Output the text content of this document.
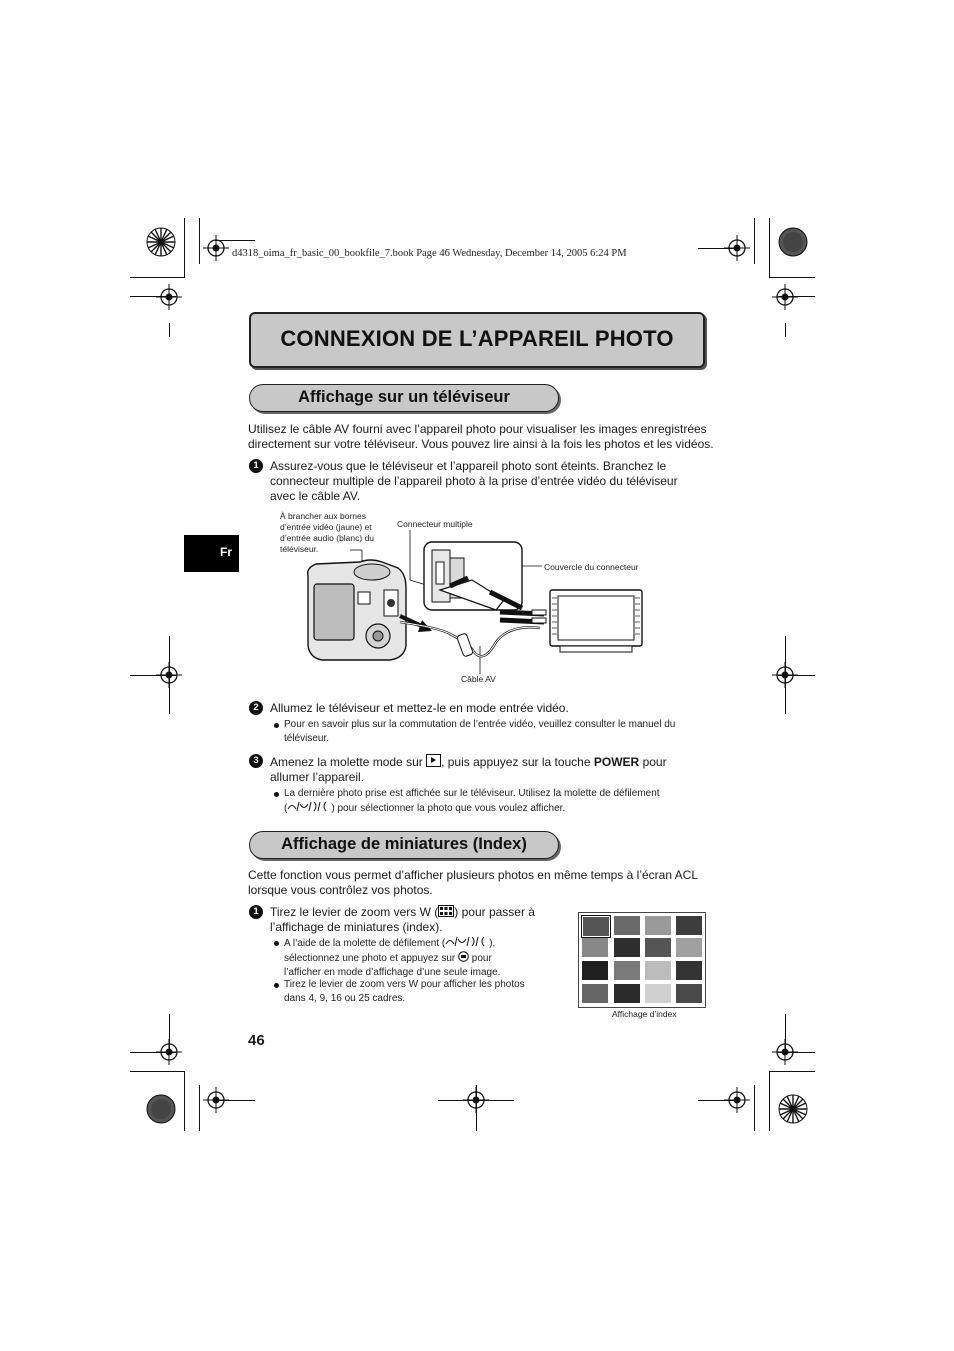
d4318_oima_fr_basic_00_bookfile_7.book Page 46 Wednesday, December 14, 2005 6:24 PM
CONNEXION DE L’APPAREIL PHOTO
Fr
Affichage sur un téléviseur
Utilisez le câble AV fourni avec l’appareil photo pour visualiser les images enregistrées
directement sur votre téléviseur. Vous pouvez lire ainsi à la fois les photos et les vidéos.
1 Assurez-vous que le téléviseur et l’appareil photo sont éteints. Branchez le
connecteur multiple de l’appareil photo à la prise d’entrée vidéo du téléviseur
avec le câble AV.
À brancher aux bornes
d’entrée vidéo (jaune) et
d’entrée audio (blanc) du
téléviseur.
Connecteur multiple
Couvercle du connecteur
Câble AV
2 Allumez le téléviseur et mettez-le en mode entrée vidéo.
Pour en savoir plus sur la commutation de l’entrée vidéo, veuillez consulter le manuel du
téléviseur.
3 Amenez la molette mode sur , puis appuyez sur la touche POWER pour
allumer l’appareil.
La dernière photo prise est affichée sur le téléviseur. Utilisez la molette de défilement
(	) pour sélectionner la photo que vous voulez afficher.
Affichage de miniatures (Index)
Cette fonction vous permet d’afficher plusieurs photos en même temps à l’écran ACL
lorsque vous contrôlez vos photos.
1 Tirez le levier de zoom vers W ( ) pour passer à
l’affichage de miniatures (index).
A l’aide de la molette de défilement (	),
sélectionnez une photo et appuyez sur pour
l’afficher en mode d’affichage d’une seule image.
Tirez le levier de zoom vers W pour afficher les photos
dans 4, 9, 16 ou 25 cadres.
Affichage d’index
46
